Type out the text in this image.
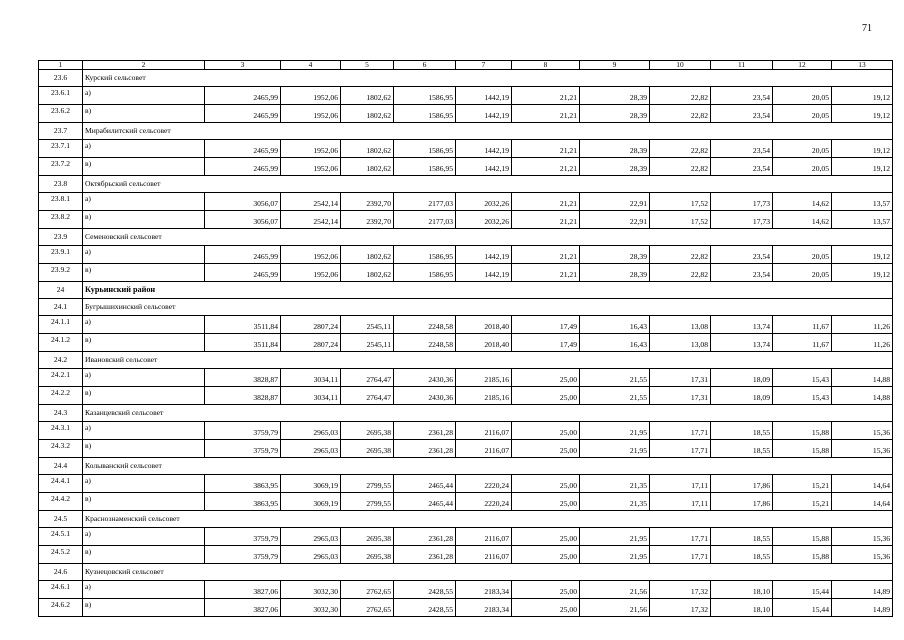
71
1	2	3	4	5	6	7	8	9	10	11	12	13
23.6	Курский сельсовет											
23.6.1	а)	2465,99	1952,06	1802,62	1586,95	1442,19	21,21	28,39	22,82	23,54	20,05	19,12
23.6.2	в)	2465,99	1952,06	1802,62	1586,95	1442,19	21,21	28,39	22,82	23,54	20,05	19,12
23.7	Мирабилитский сельсовет											
23.7.1	а)	2465,99	1952,06	1802,62	1586,95	1442,19	21,21	28,39	22,82	23,54	20,05	19,12
23.7.2	в)	2465,99	1952,06	1802,62	1586,95	1442,19	21,21	28,39	22,82	23,54	20,05	19,12
23.8	Октябрьский сельсовет											
23.8.1	а)	3056,07	2542,14	2392,70	2177,03	2032,26	21,21	22,91	17,52	17,73	14,62	13,57
23.8.2	в)	3056,07	2542,14	2392,70	2177,03	2032,26	21,21	22,91	17,52	17,73	14,62	13,57
23.9	Семеновский сельсовет											
23.9.1	а)	2465,99	1952,06	1802,62	1586,95	1442,19	21,21	28,39	22,82	23,54	20,05	19,12
23.9.2	в)	2465,99	1952,06	1802,62	1586,95	1442,19	21,21	28,39	22,82	23,54	20,05	19,12
24	Курьинский район											
24.1	Бугрышихинский сельсовет											
24.1.1	а)	3511,84	2807,24	2545,11	2248,58	2018,40	17,49	16,43	13,08	13,74	11,67	11,26
24.1.2	в)	3511,84	2807,24	2545,11	2248,58	2018,40	17,49	16,43	13,08	13,74	11,67	11,26
24.2	Ивановский сельсовет											
24.2.1	а)	3828,87	3034,11	2764,47	2430,36	2185,16	25,00	21,55	17,31	18,09	15,43	14,88
24.2.2	в)	3828,87	3034,11	2764,47	2430,36	2185,16	25,00	21,55	17,31	18,09	15,43	14,88
24.3	Казанцевский сельсовет											
24.3.1	а)	3759,79	2965,03	2695,38	2361,28	2116,07	25,00	21,95	17,71	18,55	15,88	15,36
24.3.2	в)	3759,79	2965,03	2695,38	2361,28	2116,07	25,00	21,95	17,71	18,55	15,88	15,36
24.4	Колыванский сельсовет											
24.4.1	а)	3863,95	3069,19	2799,55	2465,44	2220,24	25,00	21,35	17,11	17,86	15,21	14,64
24.4.2	в)	3863,95	3069,19	2799,55	2465,44	2220,24	25,00	21,35	17,11	17,86	15,21	14,64
24.5	Краснознаменский сельсовет											
24.5.1	а)	3759,79	2965,03	2695,38	2361,28	2116,07	25,00	21,95	17,71	18,55	15,88	15,36
24.5.2	в)	3759,79	2965,03	2695,38	2361,28	2116,07	25,00	21,95	17,71	18,55	15,88	15,36
24.6	Кузнецовский сельсовет											
24.6.1	а)	3827,06	3032,30	2762,65	2428,55	2183,34	25,00	21,56	17,32	18,10	15,44	14,89
24.6.2	в)	3827,06	3032,30	2762,65	2428,55	2183,34	25,00	21,56	17,32	18,10	15,44	14,89
